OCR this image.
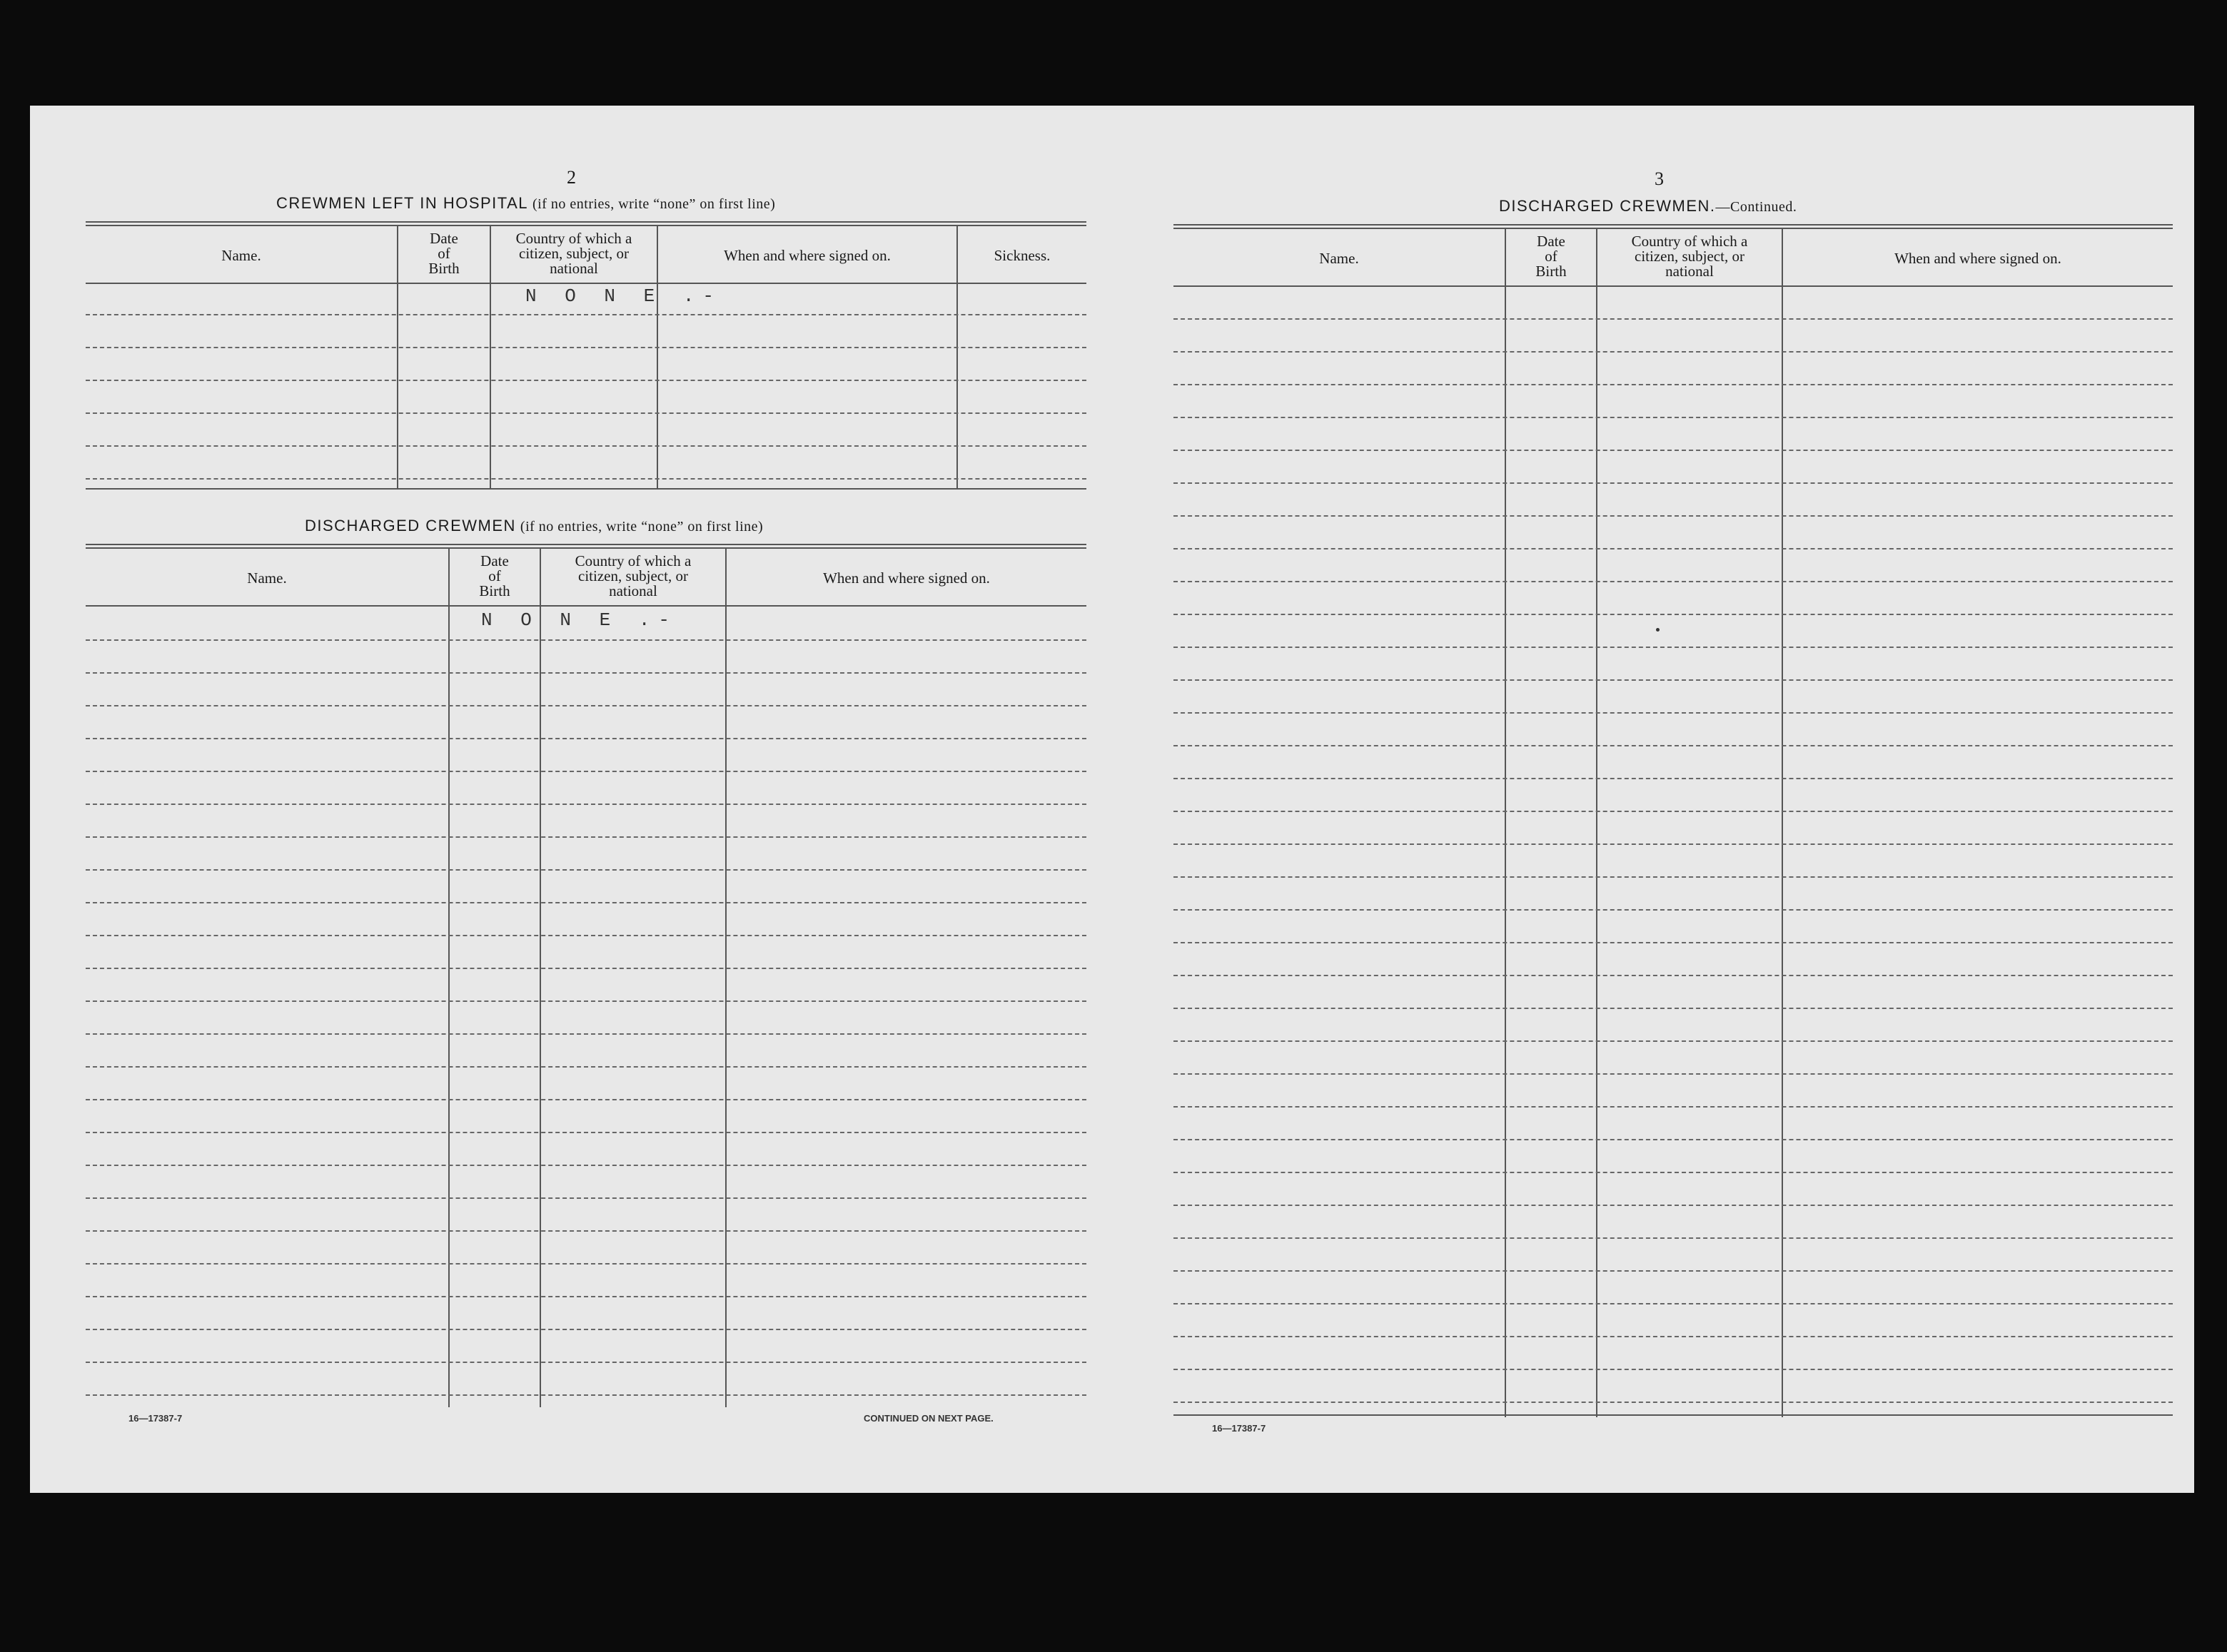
2
CREWMEN LEFT IN HOSPITAL (if no entries, write “none” on first line)
Name.
Date
of
Birth
Country of which a
citizen, subject, or
national
When and where signed on.	Sickness.
N O N E .-
DISCHARGED CREWMEN (if no entries, write “none” on first line)
Name.
Date
of
Birth
Country of which a
citizen, subject, or
national
When and where signed on.
N O N E .-
16—17387-7	CONTINUED ON NEXT PAGE.
3
DISCHARGED CREWMEN.—Continued.
Name.
Date
of
Birth
Country of which a
citizen, subject, or
national
When and where signed on.
16—17387-7
